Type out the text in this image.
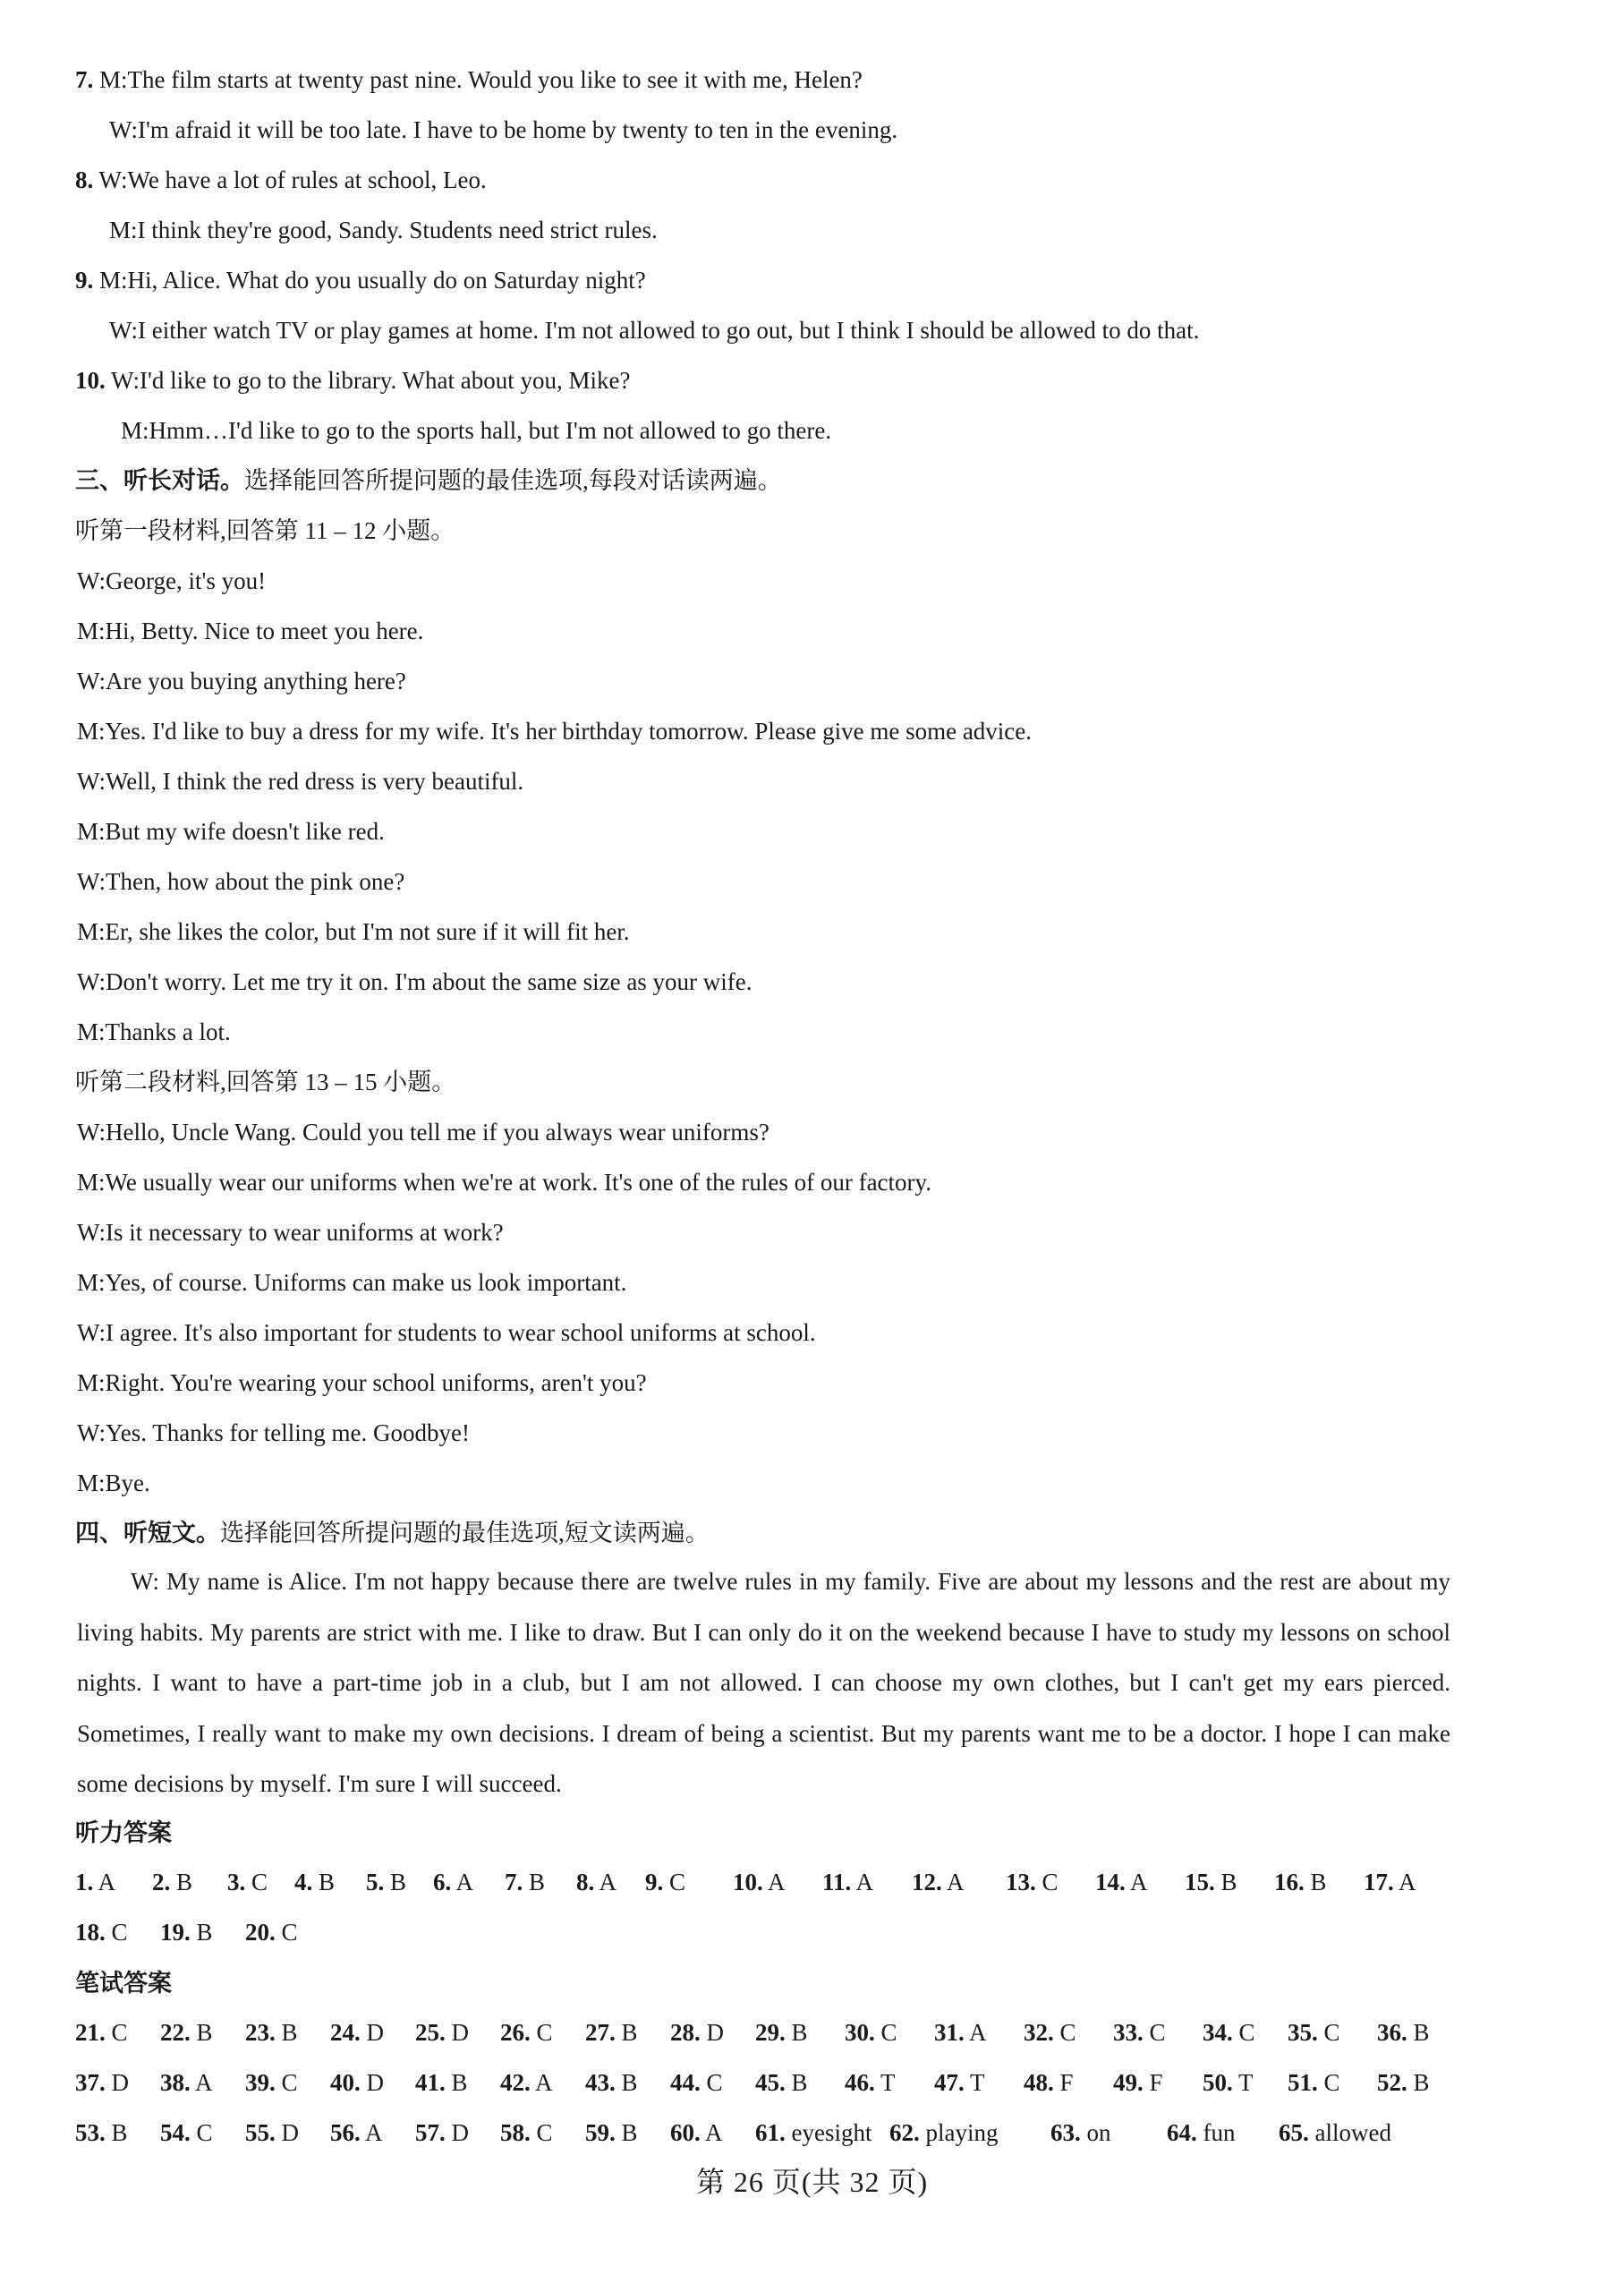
7. M:The film starts at twenty past nine. Would you like to see it with me, Helen?
W:I'm afraid it will be too late. I have to be home by twenty to ten in the evening.
8. W:We have a lot of rules at school, Leo.
M:I think they're good, Sandy. Students need strict rules.
9. M:Hi, Alice. What do you usually do on Saturday night?
W:I either watch TV or play games at home. I'm not allowed to go out, but I think I should be allowed to do that.
10. W:I'd like to go to the library. What about you, Mike?
M:Hmm…I'd like to go to the sports hall, but I'm not allowed to go there.
三、听长对话。选择能回答所提问题的最佳选项,每段对话读两遍。
听第一段材料,回答第 11 – 12 小题。
W:George, it's you!
M:Hi, Betty. Nice to meet you here.
W:Are you buying anything here?
M:Yes. I'd like to buy a dress for my wife. It's her birthday tomorrow. Please give me some advice.
W:Well, I think the red dress is very beautiful.
M:But my wife doesn't like red.
W:Then, how about the pink one?
M:Er, she likes the color, but I'm not sure if it will fit her.
W:Don't worry. Let me try it on. I'm about the same size as your wife.
M:Thanks a lot.
听第二段材料,回答第 13 – 15 小题。
W:Hello, Uncle Wang. Could you tell me if you always wear uniforms?
M:We usually wear our uniforms when we're at work. It's one of the rules of our factory.
W:Is it necessary to wear uniforms at work?
M:Yes, of course. Uniforms can make us look important.
W:I agree. It's also important for students to wear school uniforms at school.
M:Right. You're wearing your school uniforms, aren't you?
W:Yes. Thanks for telling me. Goodbye!
M:Bye.
四、听短文。选择能回答所提问题的最佳选项,短文读两遍。
W: My name is Alice. I'm not happy because there are twelve rules in my family. Five are about my lessons and the rest are about my living habits. My parents are strict with me. I like to draw. But I can only do it on the weekend because I have to study my lessons on school nights. I want to have a part-time job in a club, but I am not allowed. I can choose my own clothes, but I can't get my ears pierced. Sometimes, I really want to make my own decisions. I dream of being a scientist. But my parents want me to be a doctor. I hope I can make some decisions by myself. I'm sure I will succeed.
听力答案
1. A 2. B 3. C 4. B 5. B 6. A 7. B 8. A 9. C 10. A 11. A 12. A 13. C 14. A 15. B 16. B 17. A
18. C 19. B 20. C
笔试答案
21. C 22. B 23. B 24. D 25. D 26. C 27. B 28. D 29. B 30. C 31. A 32. C 33. C 34. C 35. C 36. B
37. D 38. A 39. C 40. D 41. B 42. A 43. B 44. C 45. B 46. T 47. T 48. F 49. F 50. T 51. C 52. B
53. B 54. C 55. D 56. A 57. D 58. C 59. B 60. A 61. eyesight 62. playing 63. on 64. fun 65. allowed
第 26 页(共 32 页)
